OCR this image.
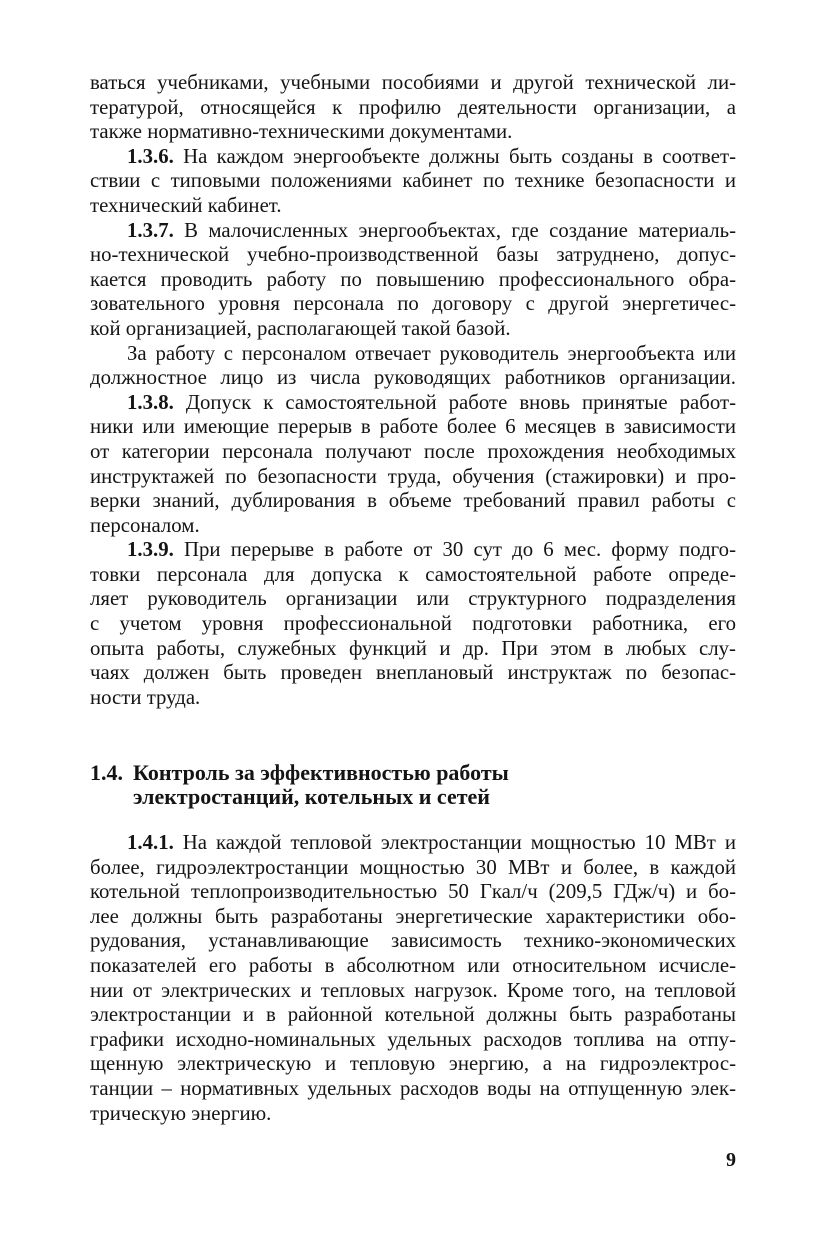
ваться учебниками, учебными пособиями и другой технической ли-
тературой, относящейся к профилю деятельности организации, а
также нормативно-техническими документами.
1.3.6. На каждом энергообъекте должны быть созданы в соответ-
ствии с типовыми положениями кабинет по технике безопасности и
технический кабинет.
1.3.7. В малочисленных энергообъектах, где создание материаль-
но-технической учебно-производственной базы затруднено, допус-
кается проводить работу по повышению профессионального обра-
зовательного уровня персонала по договору с другой энергетичес-
кой организацией, располагающей такой базой.
За работу с персоналом отвечает руководитель энергообъекта или
должностное лицо из числа руководящих работников организации.
1.3.8. Допуск к самостоятельной работе вновь принятые работ-
ники или имеющие перерыв в работе более 6 месяцев в зависимости
от категории персонала получают после прохождения необходимых
инструктажей по безопасности труда, обучения (стажировки) и про-
верки знаний, дублирования в объеме требований правил работы с
персоналом.
1.3.9. При перерыве в работе от 30 сут до 6 мес. форму подго-
товки персонала для допуска к самостоятельной работе опреде-
ляет руководитель организации или структурного подразделения
с учетом уровня профессиональной подготовки работника, его
опыта работы, служебных функций и др. При этом в любых слу-
чаях должен быть проведен внеплановый инструктаж по безопас-
ности труда.
1.4. Контроль за эффективностью работы
электростанций, котельных и сетей
1.4.1. На каждой тепловой электростанции мощностью 10 МВт и
более, гидроэлектростанции мощностью 30 МВт и более, в каждой
котельной теплопроизводительностью 50 Гкал/ч (209,5 ГДж/ч) и бо-
лее должны быть разработаны энергетические характеристики обо-
рудования, устанавливающие зависимость технико-экономических
показателей его работы в абсолютном или относительном исчисле-
нии от электрических и тепловых нагрузок. Кроме того, на тепловой
электростанции и в районной котельной должны быть разработаны
графики исходно-номинальных удельных расходов топлива на отпу-
щенную электрическую и тепловую энергию, а на гидроэлектрос-
танции – нормативных удельных расходов воды на отпущенную элек-
трическую энергию.
9
